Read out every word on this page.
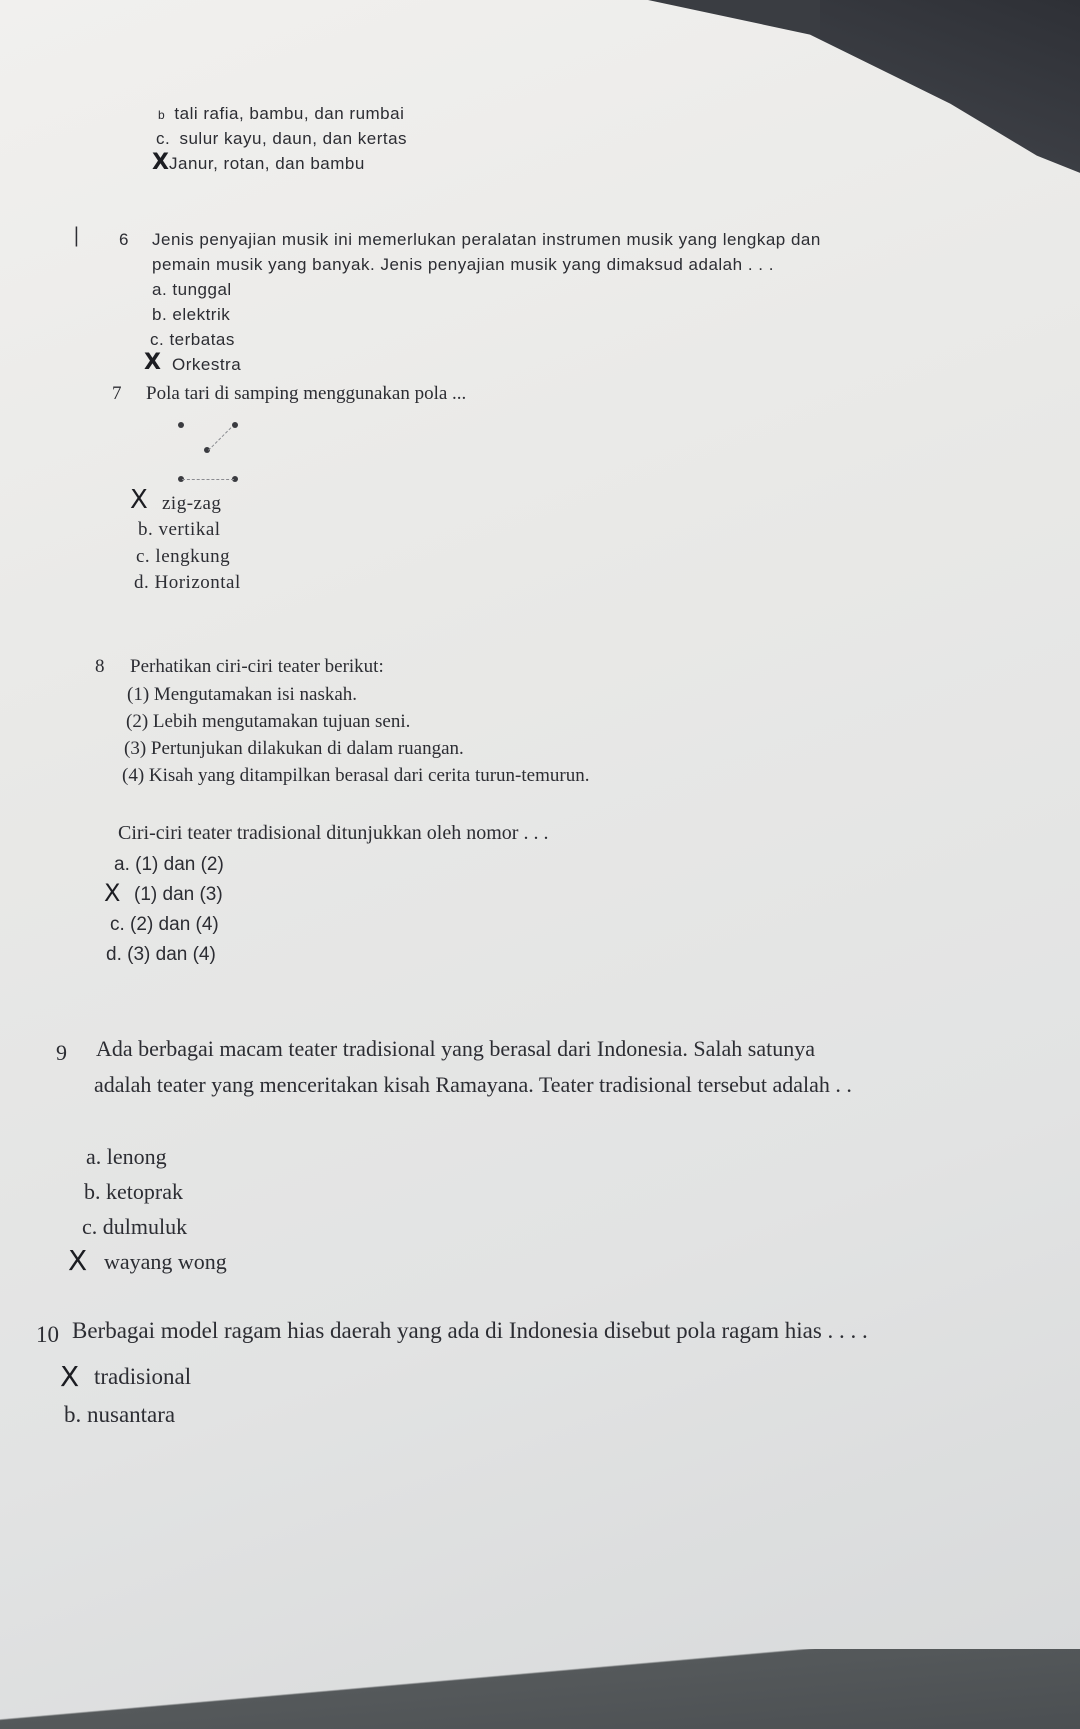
b tali rafia, bambu, dan rumbai
c. sulur kayu, daun, dan kertas
X Janur, rotan, dan bambu
| 6 Jenis penyajian musik ini memerlukan peralatan instrumen musik yang lengkap dan
pemain musik yang banyak. Jenis penyajian musik yang dimaksud adalah . . .
a. tunggal
b. elektrik
c. terbatas
X Orkestra
7 Pola tari di samping menggunakan pola ...
X zig-zag
b. vertikal
c. lengkung
d. Horizontal
8 Perhatikan ciri-ciri teater berikut:
(1) Mengutamakan isi naskah.
(2) Lebih mengutamakan tujuan seni.
(3) Pertunjukan dilakukan di dalam ruangan.
(4) Kisah yang ditampilkan berasal dari cerita turun-temurun.
Ciri-ciri teater tradisional ditunjukkan oleh nomor . . .
a. (1) dan (2)
X (1) dan (3)
c. (2) dan (4)
d. (3) dan (4)
9 Ada berbagai macam teater tradisional yang berasal dari Indonesia. Salah satunya
adalah teater yang menceritakan kisah Ramayana. Teater tradisional tersebut adalah . .
a. lenong
b. ketoprak
c. dulmuluk
X wayang wong
10 Berbagai model ragam hias daerah yang ada di Indonesia disebut pola ragam hias . . . .
X tradisional
b. nusantara
